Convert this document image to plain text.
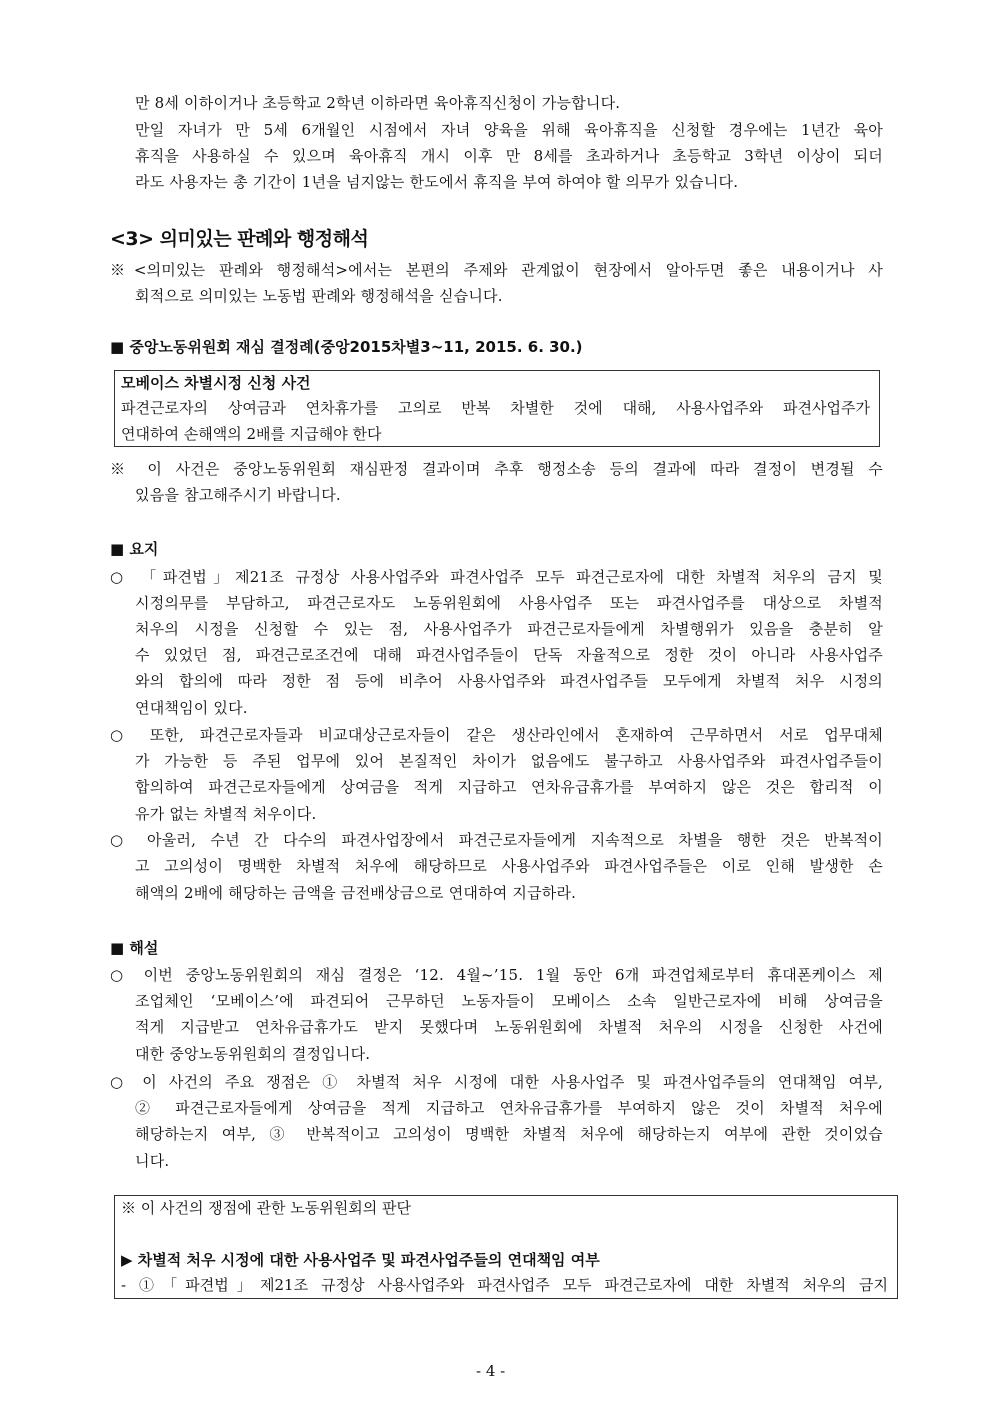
만 8세 이하이거나 초등학교 2학년 이하라면 육아휴직신청이 가능합니다.
만일 자녀가 만 5세 6개월인 시점에서 자녀 양육을 위해 육아휴직을 신청할 경우에는 1년간 육아
휴직을 사용하실 수 있으며 육아휴직 개시 이후 만 8세를 초과하거나 초등학교 3학년 이상이 되더
라도 사용자는 총 기간이 1년을 넘지않는 한도에서 휴직을 부여 하여야 할 의무가 있습니다.
<3> 의미있는 판례와 행정해석
※<의미있는 판례와 행정해석>에서는 본편의 주제와 관계없이 현장에서 알아두면 좋은 내용이거나 사
회적으로 의미있는 노동법 판례와 행정해석을 싣습니다.
■ 중앙노동위원회 재심 결정례(중앙2015차별3~11, 2015. 6. 30.)
모베이스 차별시정 신청 사건
파견근로자의 상여금과 연차휴가를 고의로 반복 차별한 것에 대해, 사용사업주와 파견사업주가
연대하여 손해액의 2배를 지급해야 한다
※ 이 사건은 중앙노동위원회 재심판정 결과이며 추후 행정소송 등의 결과에 따라 결정이 변경될 수
있음을 참고해주시기 바랍니다.
■ 요지
○ 「파견법」제21조 규정상 사용사업주와 파견사업주 모두 파견근로자에 대한 차별적 처우의 금지 및
시정의무를 부담하고, 파견근로자도 노동위원회에 사용사업주 또는 파견사업주를 대상으로 차별적
처우의 시정을 신청할 수 있는 점, 사용사업주가 파견근로자들에게 차별행위가 있음을 충분히 알
수 있었던 점, 파견근로조건에 대해 파견사업주들이 단독 자율적으로 정한 것이 아니라 사용사업주
와의 합의에 따라 정한 점 등에 비추어 사용사업주와 파견사업주들 모두에게 차별적 처우 시정의
연대책임이 있다.
○ 또한, 파견근로자들과 비교대상근로자들이 같은 생산라인에서 혼재하여 근무하면서 서로 업무대체
가 가능한 등 주된 업무에 있어 본질적인 차이가 없음에도 불구하고 사용사업주와 파견사업주들이
합의하여 파견근로자들에게 상여금을 적게 지급하고 연차유급휴가를 부여하지 않은 것은 합리적 이
유가 없는 차별적 처우이다.
○ 아울러, 수년 간 다수의 파견사업장에서 파견근로자들에게 지속적으로 차별을 행한 것은 반복적이
고 고의성이 명백한 차별적 처우에 해당하므로 사용사업주와 파견사업주들은 이로 인해 발생한 손
해액의 2배에 해당하는 금액을 금전배상금으로 연대하여 지급하라.
■ 해설
○ 이번 중앙노동위원회의 재심 결정은 ‘12. 4월~’15. 1월 동안 6개 파견업체로부터 휴대폰케이스 제
조업체인 ‘모베이스’에 파견되어 근무하던 노동자들이 모베이스 소속 일반근로자에 비해 상여금을
적게 지급받고 연차유급휴가도 받지 못했다며 노동위원회에 차별적 처우의 시정을 신청한 사건에
대한 중앙노동위원회의 결정입니다.
○ 이 사건의 주요 쟁점은 ① 차별적 처우 시정에 대한 사용사업주 및 파견사업주들의 연대책임 여부,
② 파견근로자들에게 상여금을 적게 지급하고 연차유급휴가를 부여하지 않은 것이 차별적 처우에
해당하는지 여부, ③ 반복적이고 고의성이 명백한 차별적 처우에 해당하는지 여부에 관한 것이었습
니다.
※ 이 사건의 쟁점에 관한 노동위원회의 판단
▶ 차별적 처우 시정에 대한 사용사업주 및 파견사업주들의 연대책임 여부
- ①「파견법」제21조 규정상 사용사업주와 파견사업주 모두 파견근로자에 대한 차별적 처우의 금지
- 4 -
